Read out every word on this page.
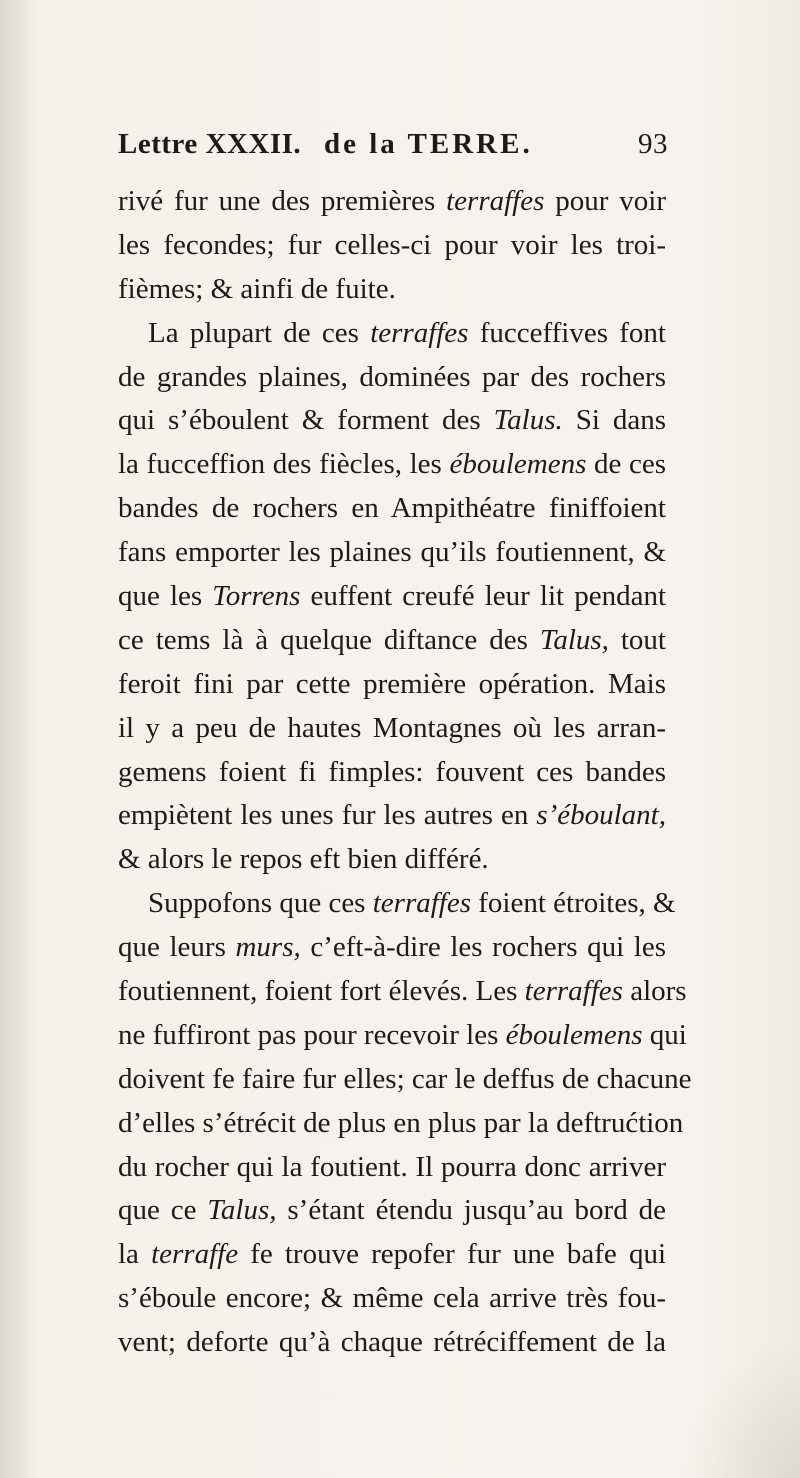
Lettre XXXII. de la TERRE.	93
rivé fur une des premières terraffes pour voir
les fecondes; fur celles-ci pour voir les troi-
fièmes; & ainfi de fuite.
La plupart de ces terraffes fucceffives font
de grandes plaines, dominées par des rochers
qui s’éboulent & forment des Talus. Si dans
la fucceffion des fiècles, les éboulemens de ces
bandes de rochers en Ampithéatre finiffoient
fans emporter les plaines qu’ils foutiennent, &
que les Torrens euffent creufé leur lit pendant
ce tems là à quelque diftance des Talus, tout
feroit fini par cette première opération. Mais
il y a peu de hautes Montagnes où les arran-
gemens foient fi fimples: fouvent ces bandes
empiètent les unes fur les autres en s’éboulant,
& alors le repos eft bien différé.
Suppofons que ces terraffes foient étroites, &
que leurs murs, c’eft-à-dire les rochers qui les
foutiennent, foient fort élevés. Les terraffes alors
ne fuffiront pas pour recevoir les éboulemens qui
doivent fe faire fur elles; car le deffus de chacune
d’elles s’étrécit de plus en plus par la deftrućtion
du rocher qui la foutient. Il pourra donc arriver
que ce Talus, s’étant étendu jusqu’au bord de
la terraffe fe trouve repofer fur une bafe qui
s’éboule encore; & même cela arrive très fou-
vent; deforte qu’à chaque rétréciffement de la
